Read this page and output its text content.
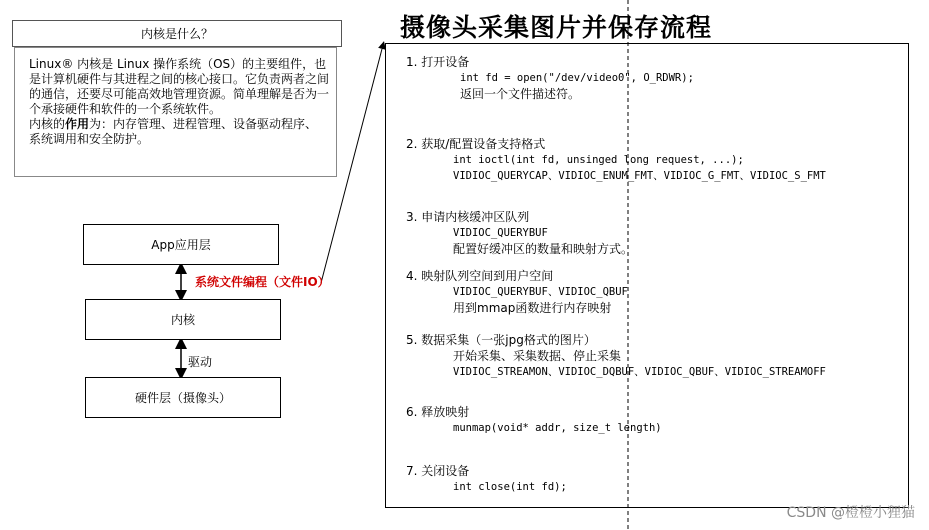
内核是什么？
Linux® 内核是 Linux 操作系统（OS）的主要组件，也是计算机硬件与其进程之间的核心接口。它负责两者之间的通信，还要尽可能高效地管理资源。简单理解是否为一个承接硬件和软件的一个系统软件。
内核的作用为：内存管理、进程管理、设备驱动程序、系统调用和安全防护。
App应用层
系统文件编程（文件IO）
内核
驱动
硬件层（摄像头）
摄像头采集图片并保存流程
1. 打开设备
int fd = open("/dev/video0", O_RDWR);
返回一个文件描述符。
2. 获取/配置设备支持格式
int ioctl(int fd, unsinged long request, ...);
VIDIOC_QUERYCAP、VIDIOC_ENUM_FMT、VIDIOC_G_FMT、VIDIOC_S_FMT
3. 申请内核缓冲区队列
VIDIOC_QUERYBUF
配置好缓冲区的数量和映射方式。
4. 映射队列空间到用户空间
VIDIOC_QUERYBUF、VIDIOC_QBUF
用到mmap函数进行内存映射
5. 数据采集（一张jpg格式的图片）
开始采集、采集数据、停止采集
VIDIOC_STREAMON、VIDIOC_DQBUF、VIDIOC_QBUF、VIDIOC_STREAMOFF
6. 释放映射
munmap(void* addr, size_t length)
7. 关闭设备
int close(int fd);
CSDN @橙橙小狸猫
